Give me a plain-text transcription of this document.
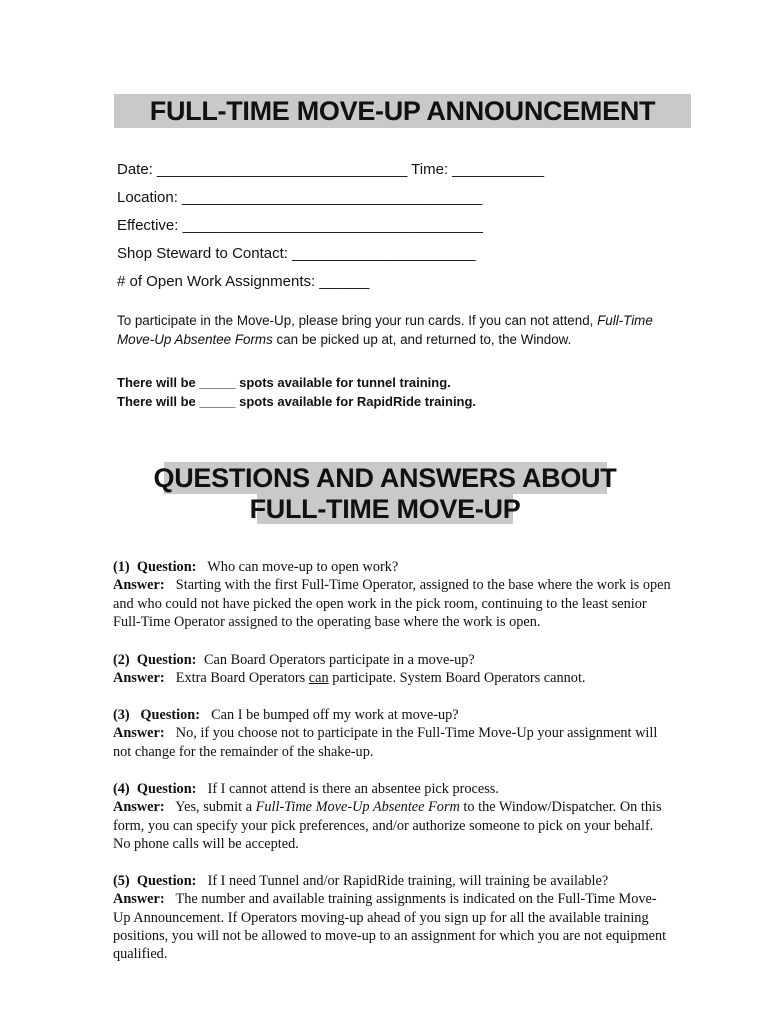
FULL-TIME MOVE-UP ANNOUNCEMENT
Date: ______________________________ Time: ___________
Location: ____________________________________
Effective: ____________________________________
Shop Steward to Contact: ______________________
# of Open Work Assignments: ______
To participate in the Move-Up, please bring your run cards. If you can not attend, Full-Time Move-Up Absentee Forms can be picked up at, and returned to, the Window.
There will be _____ spots available for tunnel training.
There will be _____ spots available for RapidRide training.
QUESTIONS AND ANSWERS ABOUT
FULL-TIME MOVE-UP
(1) Question: Who can move-up to open work?
Answer: Starting with the first Full-Time Operator, assigned to the base where the work is open and who could not have picked the open work in the pick room, continuing to the least senior Full-Time Operator assigned to the operating base where the work is open.
(2) Question: Can Board Operators participate in a move-up?
Answer: Extra Board Operators can participate. System Board Operators cannot.
(3) Question: Can I be bumped off my work at move-up?
Answer: No, if you choose not to participate in the Full-Time Move-Up your assignment will not change for the remainder of the shake-up.
(4) Question: If I cannot attend is there an absentee pick process.
Answer: Yes, submit a Full-Time Move-Up Absentee Form to the Window/Dispatcher. On this form, you can specify your pick preferences, and/or authorize someone to pick on your behalf. No phone calls will be accepted.
(5) Question: If I need Tunnel and/or RapidRide training, will training be available?
Answer: The number and available training assignments is indicated on the Full-Time Move-Up Announcement. If Operators moving-up ahead of you sign up for all the available training positions, you will not be allowed to move-up to an assignment for which you are not equipment qualified.
